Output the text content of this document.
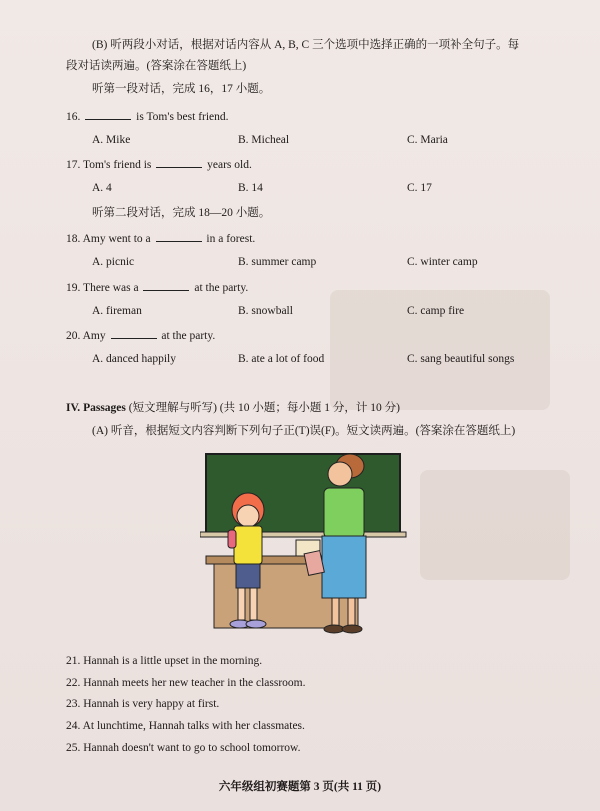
(B) 听两段小对话，根据对话内容从 A, B, C 三个选项中选择正确的一项补全句子。每
段对话读两遍。(答案涂在答题纸上)
听第一段对话，完成 16，17 小题。
16.	is Tom's best friend.
A. Mike	B. Micheal	C. Maria
17. Tom's friend is	years old.
A. 4	B. 14	C. 17
听第二段对话，完成 18—20 小题。
18. Amy went to a	in a forest.
A. picnic	B. summer camp	C. winter camp
19. There was a	at the party.
A. fireman	B. snowball	C. camp fire
20. Amy	at the party.
A. danced happily	B. ate a lot of food	C. sang beautiful songs
IV. Passages (短文理解与听写) (共 10 小题；每小题 1 分，计 10 分)
(A) 听音，根据短文内容判断下列句子正(T)误(F)。短文读两遍。(答案涂在答题纸上)
21. Hannah is a little upset in the morning.
22. Hannah meets her new teacher in the classroom.
23. Hannah is very happy at first.
24. At lunchtime, Hannah talks with her classmates.
25. Hannah doesn't want to go to school tomorrow.
六年级组初赛题第 3 页(共 11 页)
